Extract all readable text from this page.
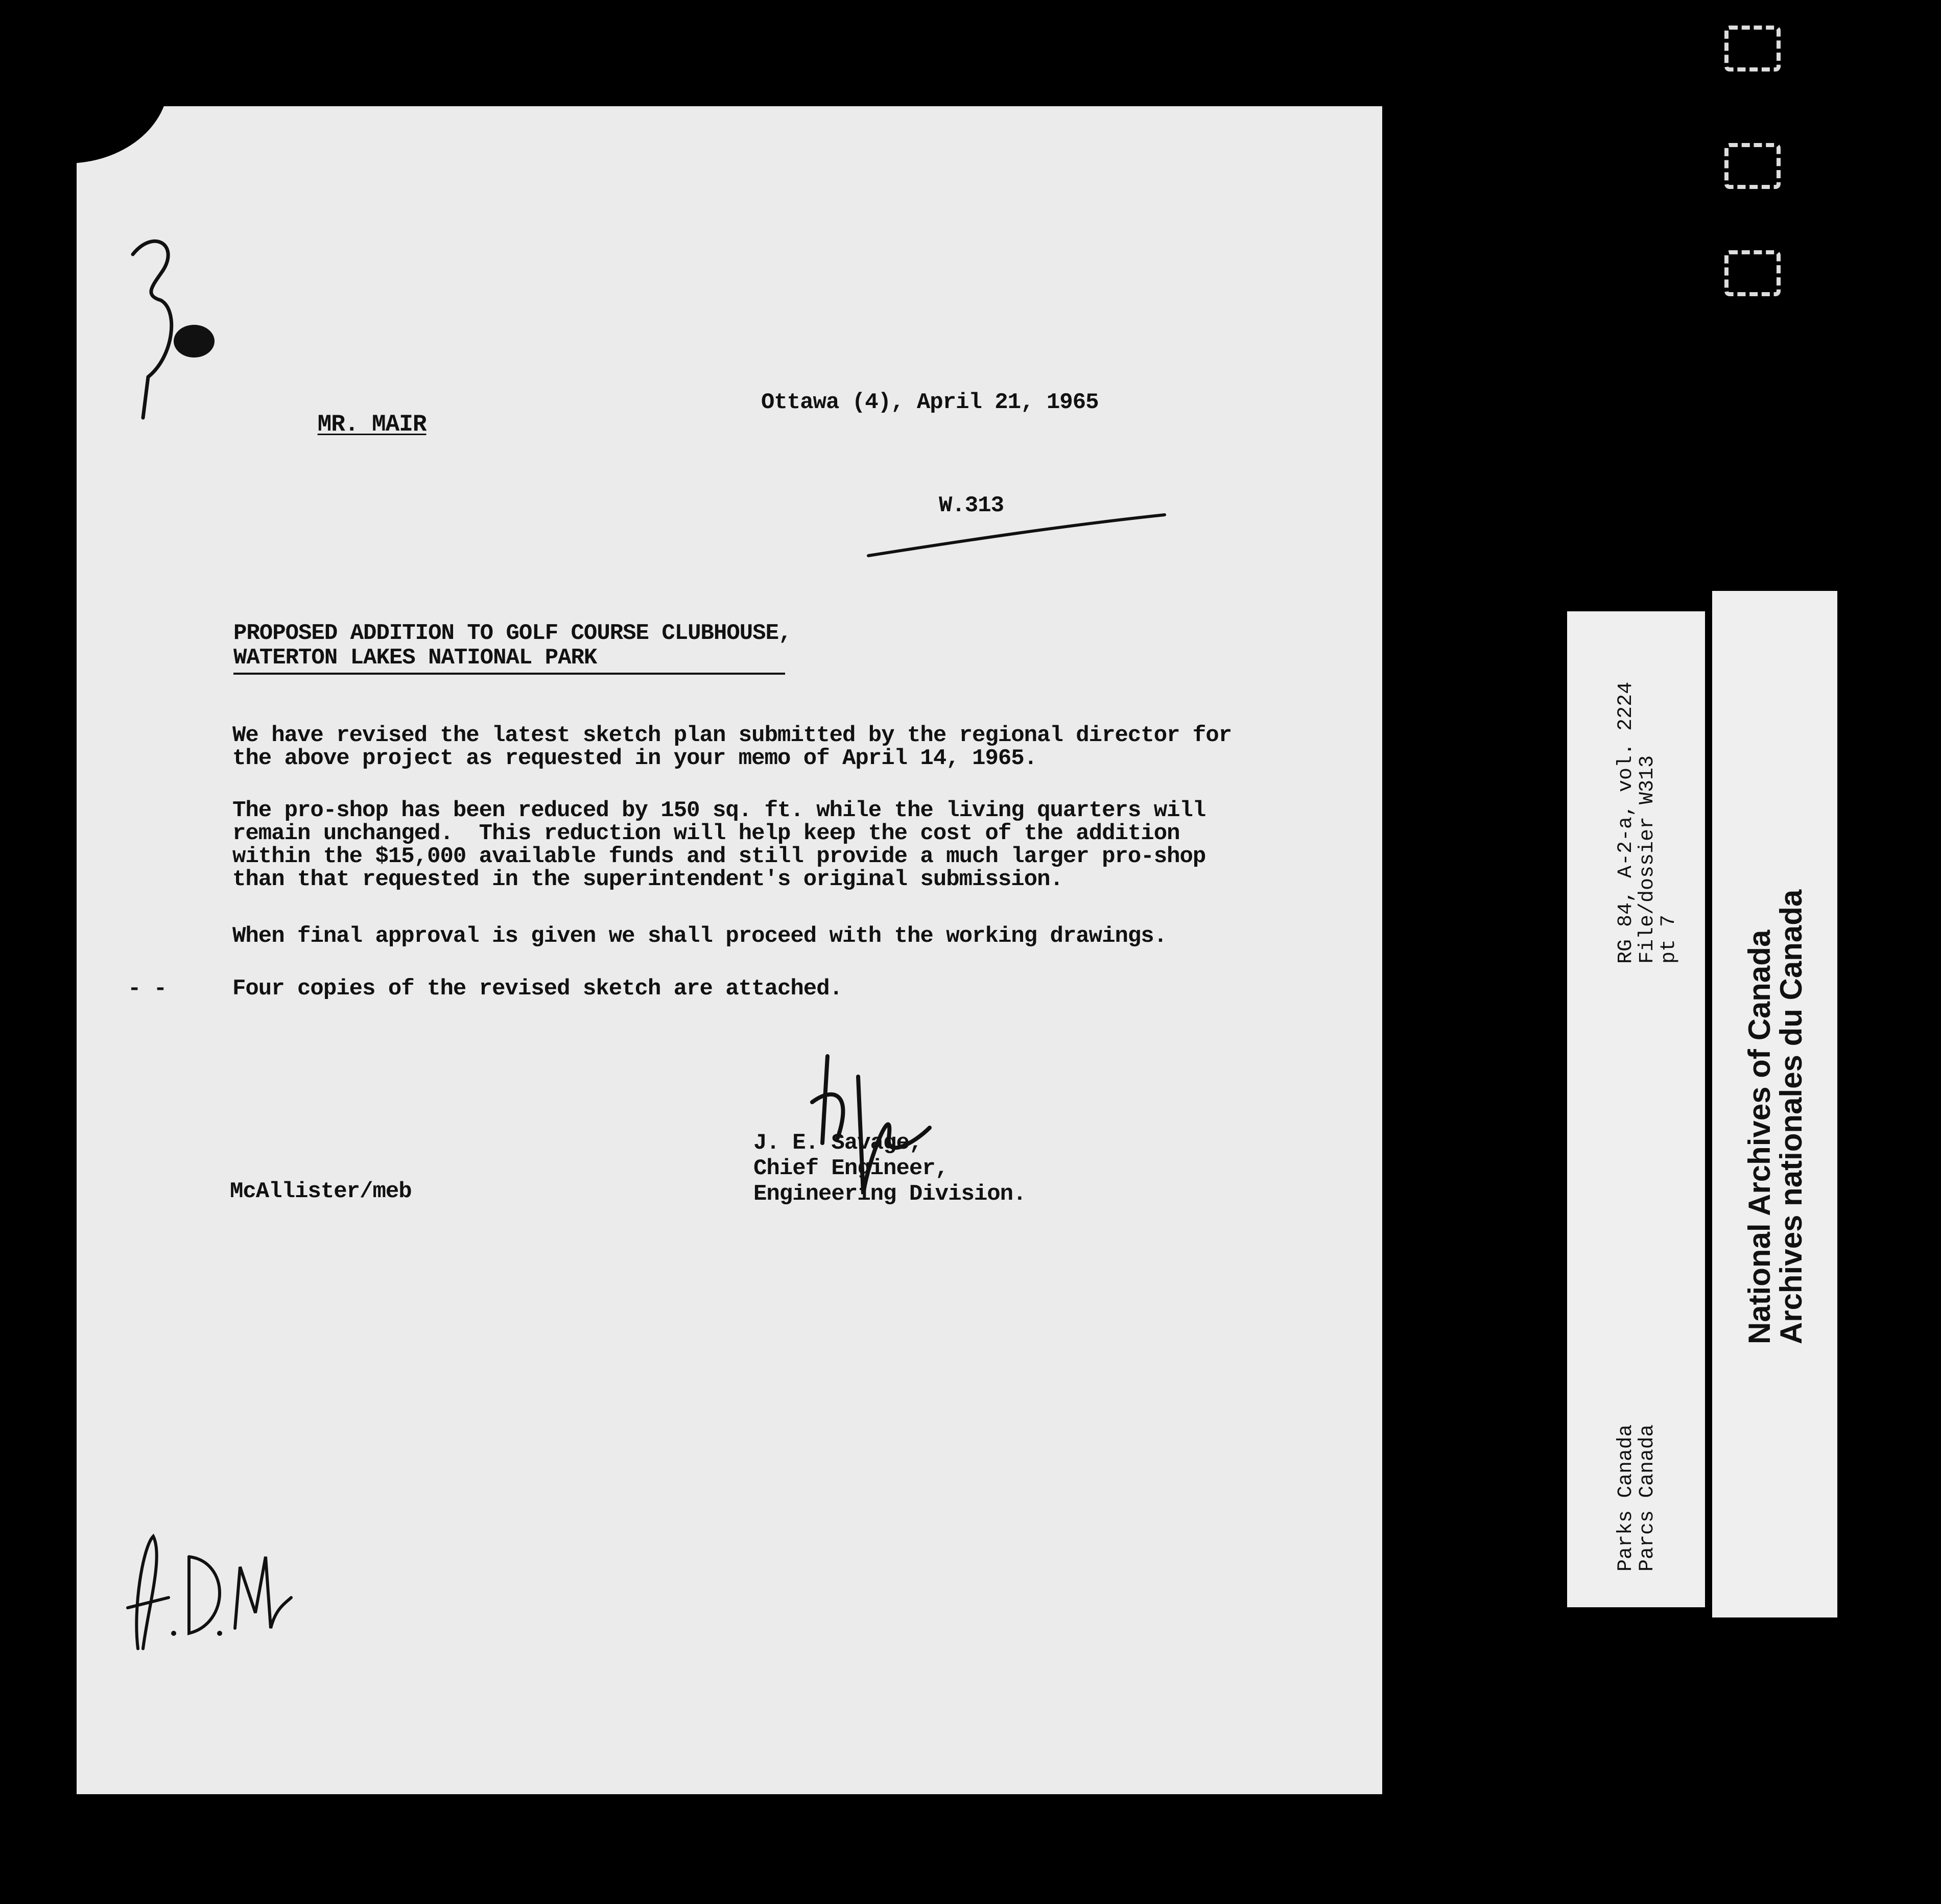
MR. MAIR

Ottawa (4), April 21, 1965
W.313
PROPOSED ADDITION TO GOLF COURSE CLUBHOUSE,
WATERTON LAKES NATIONAL PARK
We have revised the latest sketch plan submitted by the regional director for
the above project as requested in your memo of April 14, 1965.
The pro-shop has been reduced by 150 sq. ft. while the living quarters will
remain unchanged.  This reduction will help keep the cost of the addition
within the $15,000 available funds and still provide a much larger pro-shop
than that requested in the superintendent's original submission.
When final approval is given we shall proceed with the working drawings.
- -	Four copies of the revised sketch are attached.
J. E. Savage,
Chief Engineer,
Engineering Division.
McAllister/meb
RG 84, A-2-a, vol. 2224
File/dossier W313
pt 7
Parks Canada
Parcs Canada
National Archives of Canada
Archives nationales du Canada
